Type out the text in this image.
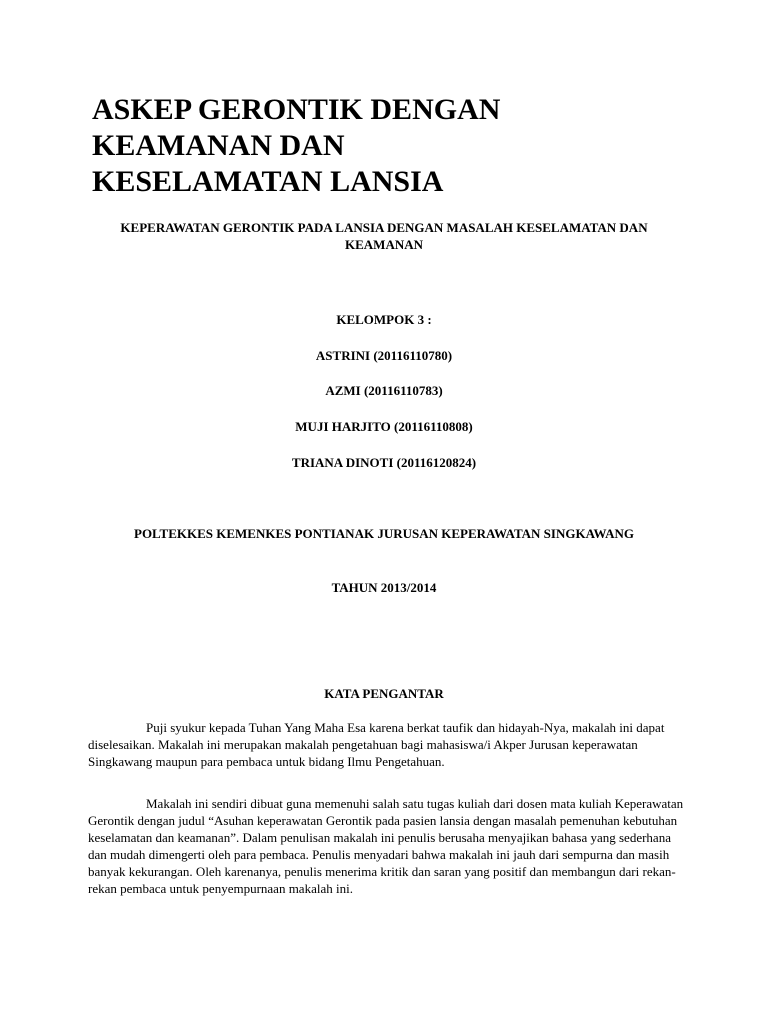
ASKEP GERONTIK DENGAN
KEAMANAN DAN
KESELAMATAN LANSIA

KEPERAWATAN GERONTIK PADA LANSIA DENGAN MASALAH KESELAMATAN DAN KEAMANAN

KELOMPOK 3 :

ASTRINI (20116110780)

AZMI (20116110783)

MUJI HARJITO (20116110808)

TRIANA DINOTI (20116120824)

POLTEKKES KEMENKES PONTIANAK JURUSAN KEPERAWATAN SINGKAWANG

TAHUN 2013/2014

KATA PENGANTAR

Puji syukur kepada Tuhan Yang Maha Esa karena berkat taufik dan hidayah-Nya, makalah ini dapat diselesaikan. Makalah ini merupakan makalah pengetahuan bagi mahasiswa/i Akper Jurusan keperawatan Singkawang maupun para pembaca untuk bidang Ilmu Pengetahuan.

Makalah ini sendiri dibuat guna memenuhi salah satu tugas kuliah dari dosen mata kuliah Keperawatan Gerontik dengan judul “Asuhan keperawatan Gerontik pada pasien lansia dengan masalah pemenuhan kebutuhan keselamatan dan keamanan”. Dalam penulisan makalah ini penulis berusaha menyajikan bahasa yang sederhana dan mudah dimengerti oleh para pembaca. Penulis menyadari bahwa makalah ini jauh dari sempurna dan masih banyak kekurangan. Oleh karenanya, penulis menerima kritik dan saran yang positif dan membangun dari rekan-rekan pembaca untuk penyempurnaan makalah ini.
